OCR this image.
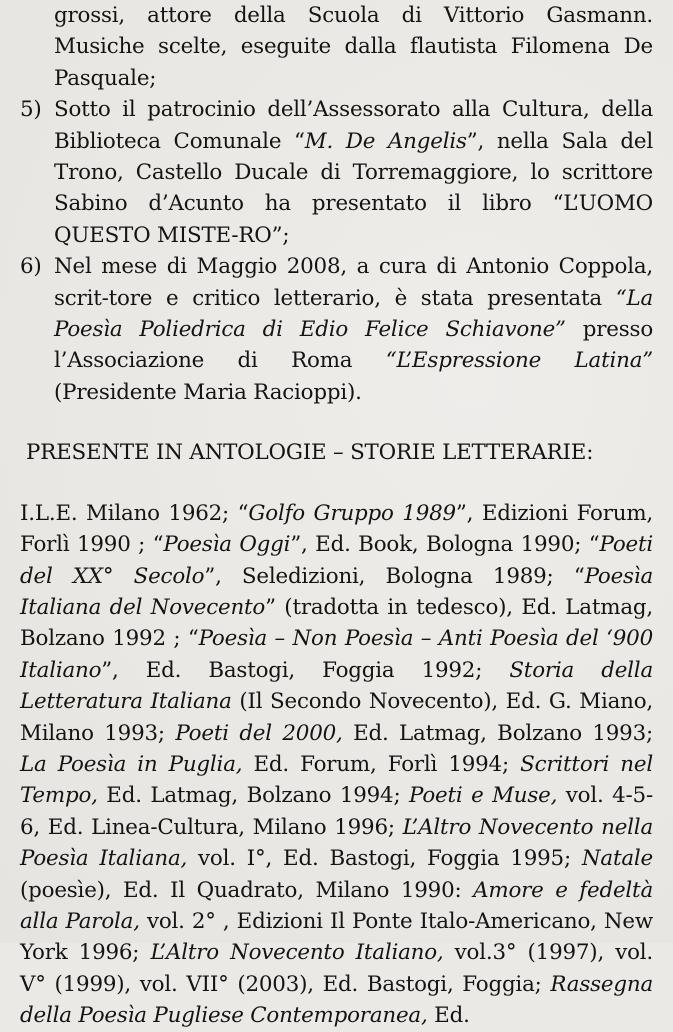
grossi, attore della Scuola di Vittorio Gasmann. Musiche scelte, eseguite dalla flautista Filomena De Pasquale;

5) Sotto il patrocinio dell’Assessorato alla Cultura, della Biblioteca Comunale “M. De Angelis”, nella Sala del Trono, Castello Ducale di Torremaggiore, lo scrittore Sabino d’Acunto ha presentato il libro “L’UOMO QUESTO MISTE-RO”;

6) Nel mese di Maggio 2008, a cura di Antonio Coppola, scrit-tore e critico letterario, è stata presentata “La Poesìa Poliedrica di Edio Felice Schiavone” presso l’Associazione di Roma “L’Espressione Latina” (Presidente Maria Racioppi).

PRESENTE IN ANTOLOGIE – STORIE LETTERARIE:

I.L.E. Milano 1962; “Golfo Gruppo 1989”, Edizioni Forum, Forlì 1990 ; “Poesìa Oggi”, Ed. Book, Bologna 1990; “Poeti del XX° Secolo”, Seledizioni, Bologna 1989; “Poesìa Italiana del Novecento” (tradotta in tedesco), Ed. Latmag, Bolzano 1992 ; “Poesìa – Non Poesìa – Anti Poesìa del ‘900 Italiano”, Ed. Bastogi, Foggia 1992; Storia della Letteratura Italiana (Il Secondo Novecento), Ed. G. Miano, Milano 1993; Poeti del 2000, Ed. Latmag, Bolzano 1993; La Poesìa in Puglia, Ed. Forum, Forlì 1994; Scrittori nel Tempo, Ed. Latmag, Bolzano 1994; Poeti e Muse, vol. 4-5-6, Ed. Linea-Cultura, Milano 1996; L’Altro Novecento nella Poesìa Italiana, vol. I°, Ed. Bastogi, Foggia 1995; Natale (poesìe), Ed. Il Quadrato, Milano 1990: Amore e fedeltà alla Parola, vol. 2° , Edizioni Il Ponte Italo-Americano, New York 1996; L’Altro Novecento Italiano, vol.3° (1997), vol. V° (1999), vol. VII° (2003), Ed. Bastogi, Foggia; Rassegna della Poesìa Pugliese Contemporanea, Ed.
